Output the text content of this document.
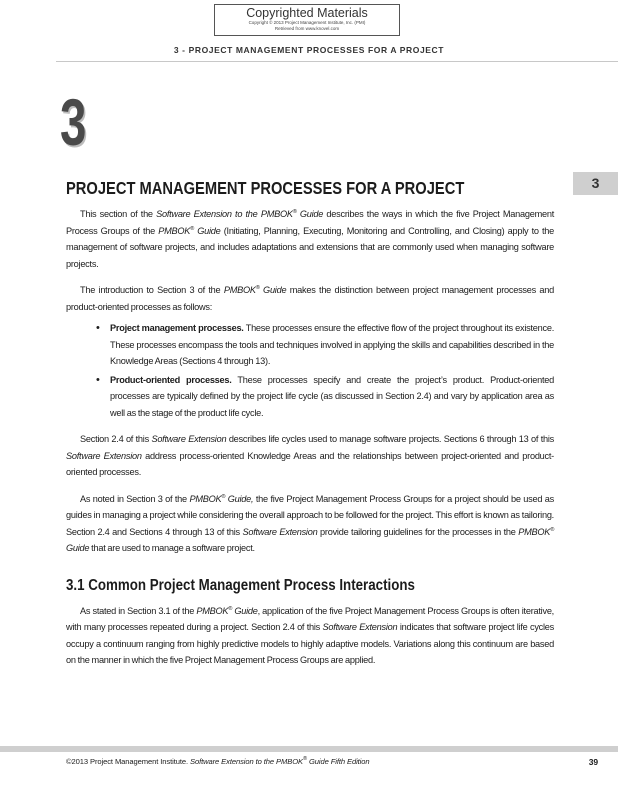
Copyrighted Materials
Copyright © 2013 Project Management Institute, Inc. (PMI)
Retrieved from www.knovel.com
3 - PROJECT MANAGEMENT PROCESSES FOR A PROJECT
3
3
PROJECT MANAGEMENT PROCESSES FOR A PROJECT

This section of the Software Extension to the PMBOK® Guide describes the ways in which the five Project Management Process Groups of the PMBOK® Guide (Initiating, Planning, Executing, Monitoring and Controlling, and Closing) apply to the management of software projects, and includes adaptations and extensions that are commonly used when managing software projects.

The introduction to Section 3 of the PMBOK® Guide makes the distinction between project management processes and product-oriented processes as follows:

• Project management processes. These processes ensure the effective flow of the project throughout its existence. These processes encompass the tools and techniques involved in applying the skills and capabilities described in the Knowledge Areas (Sections 4 through 13).
• Product-oriented processes. These processes specify and create the project’s product. Product-oriented processes are typically defined by the project life cycle (as discussed in Section 2.4) and vary by application area as well as the stage of the product life cycle.

Section 2.4 of this Software Extension describes life cycles used to manage software projects. Sections 6 through 13 of this Software Extension address process-oriented Knowledge Areas and the relationships between project-oriented and product-oriented processes.

As noted in Section 3 of the PMBOK® Guide, the five Project Management Process Groups for a project should be used as guides in managing a project while considering the overall approach to be followed for the project. This effort is known as tailoring. Section 2.4 and Sections 4 through 13 of this Software Extension provide tailoring guidelines for the processes in the PMBOK® Guide that are used to manage a software project.

3.1 Common Project Management Process Interactions

As stated in Section 3.1 of the PMBOK® Guide, application of the five Project Management Process Groups is often iterative, with many processes repeated during a project. Section 2.4 of this Software Extension indicates that software project life cycles occupy a continuum ranging from highly predictive models to highly adaptive models. Variations along this continuum are based on the manner in which the five Project Management Process Groups are applied.

©2013 Project Management Institute. Software Extension to the PMBOK® Guide Fifth Edition	39
